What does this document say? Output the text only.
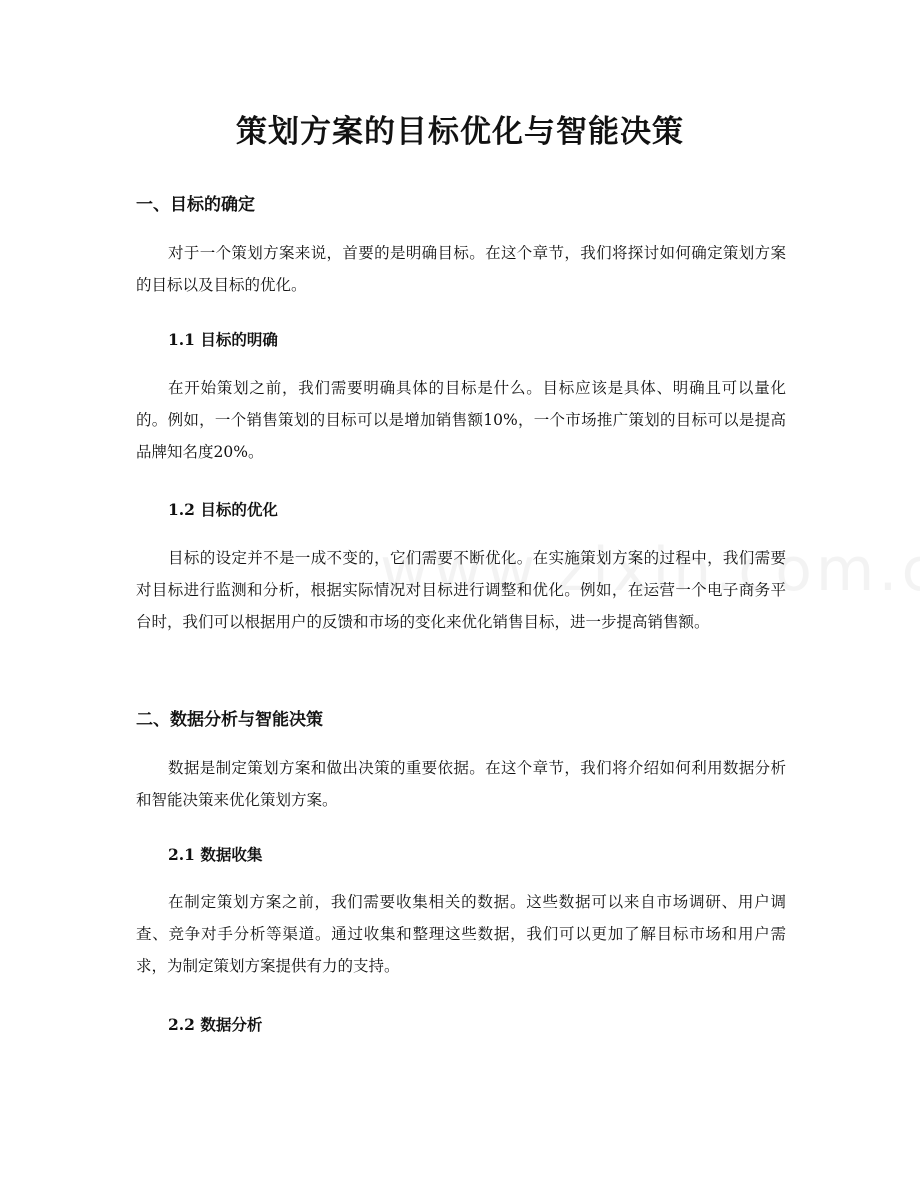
策划方案的目标优化与智能决策
一、目标的确定

对于一个策划方案来说，首要的是明确目标。在这个章节，我们将探讨如何确定策划方案的目标以及目标的优化。

1.1 目标的明确

在开始策划之前，我们需要明确具体的目标是什么。目标应该是具体、明确且可以量化的。例如，一个销售策划的目标可以是增加销售额10%，一个市场推广策划的目标可以是提高品牌知名度20%。

1.2 目标的优化

目标的设定并不是一成不变的，它们需要不断优化。在实施策划方案的过程中，我们需要对目标进行监测和分析，根据实际情况对目标进行调整和优化。例如，在运营一个电子商务平台时，我们可以根据用户的反馈和市场的变化来优化销售目标，进一步提高销售额。

二、数据分析与智能决策

数据是制定策划方案和做出决策的重要依据。在这个章节，我们将介绍如何利用数据分析和智能决策来优化策划方案。

2.1 数据收集

在制定策划方案之前，我们需要收集相关的数据。这些数据可以来自市场调研、用户调查、竞争对手分析等渠道。通过收集和整理这些数据，我们可以更加了解目标市场和用户需求，为制定策划方案提供有力的支持。

2.2 数据分析
